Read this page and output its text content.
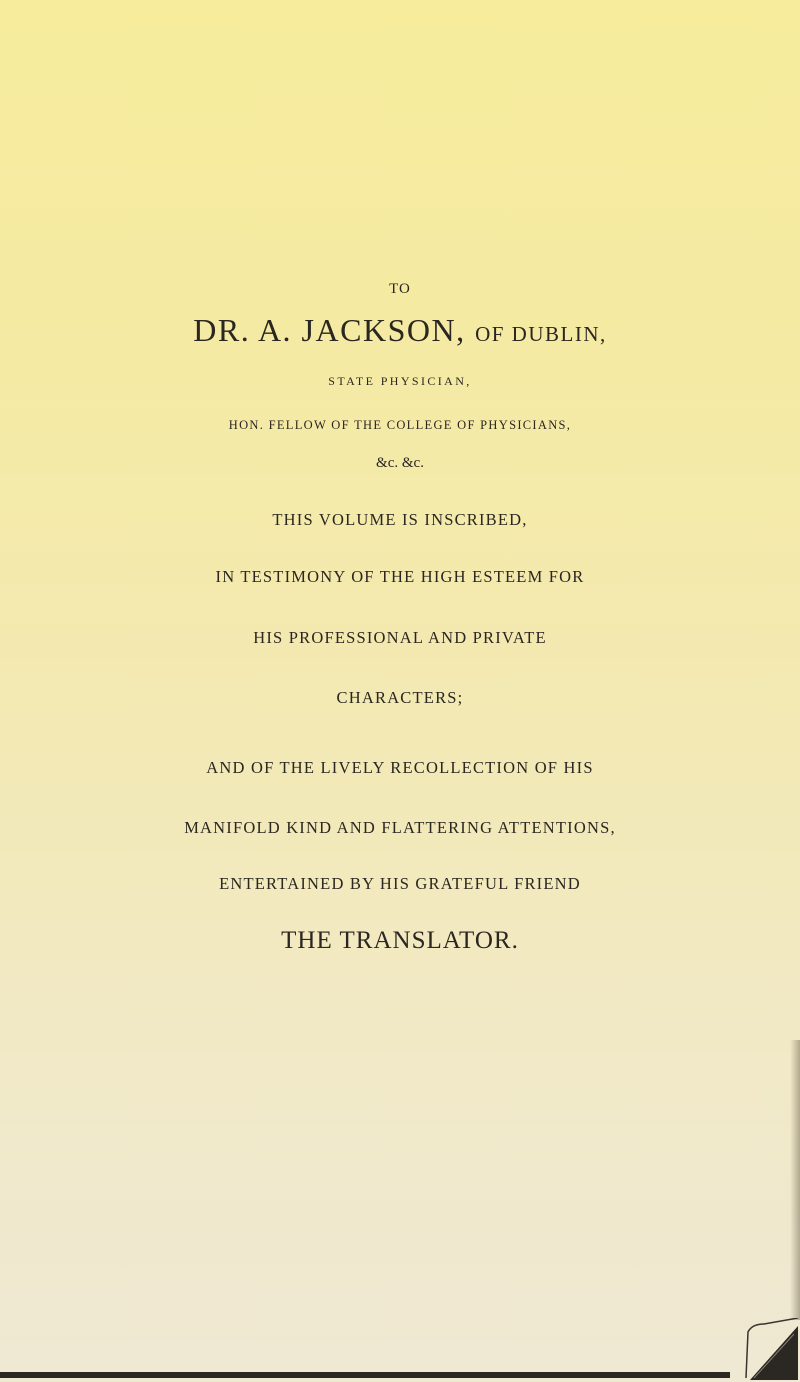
TO
DR. A. JACKSON, OF DUBLIN,
STATE PHYSICIAN,
HON. FELLOW OF THE COLLEGE OF PHYSICIANS,
&c. &c.
THIS VOLUME IS INSCRIBED,
IN TESTIMONY OF THE HIGH ESTEEM FOR
HIS PROFESSIONAL AND PRIVATE
CHARACTERS;
AND OF THE LIVELY RECOLLECTION OF HIS
MANIFOLD KIND AND FLATTERING ATTENTIONS,
ENTERTAINED BY HIS GRATEFUL FRIEND
THE TRANSLATOR.
